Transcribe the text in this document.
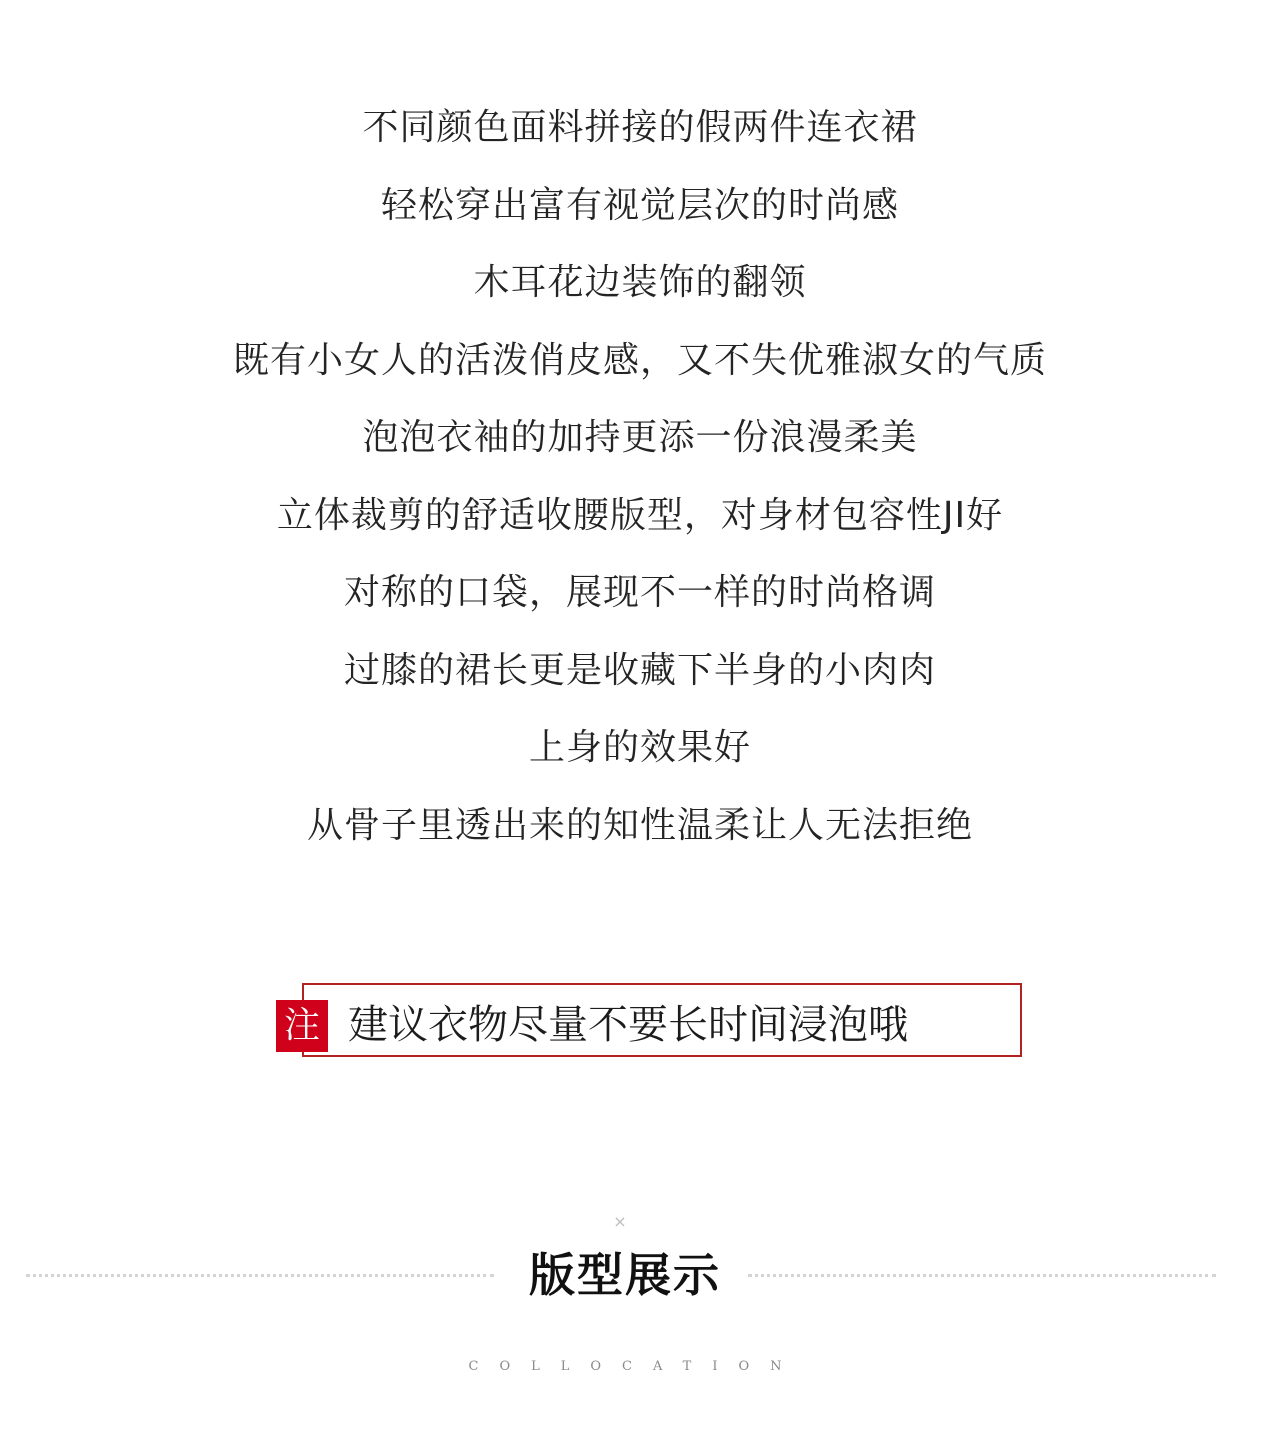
不同颜色面料拼接的假两件连衣裙
轻松穿出富有视觉层次的时尚感
木耳花边装饰的翻领
既有小女人的活泼俏皮感，又不失优雅淑女的气质
泡泡衣袖的加持更添一份浪漫柔美
立体裁剪的舒适收腰版型，对身材包容性JI好
对称的口袋，展现不一样的时尚格调
过膝的裙长更是收藏下半身的小肉肉
上身的效果好
从骨子里透出来的知性温柔让人无法拒绝
注 建议衣物尽量不要长时间浸泡哦
×
版型展示
COLLOCATION
